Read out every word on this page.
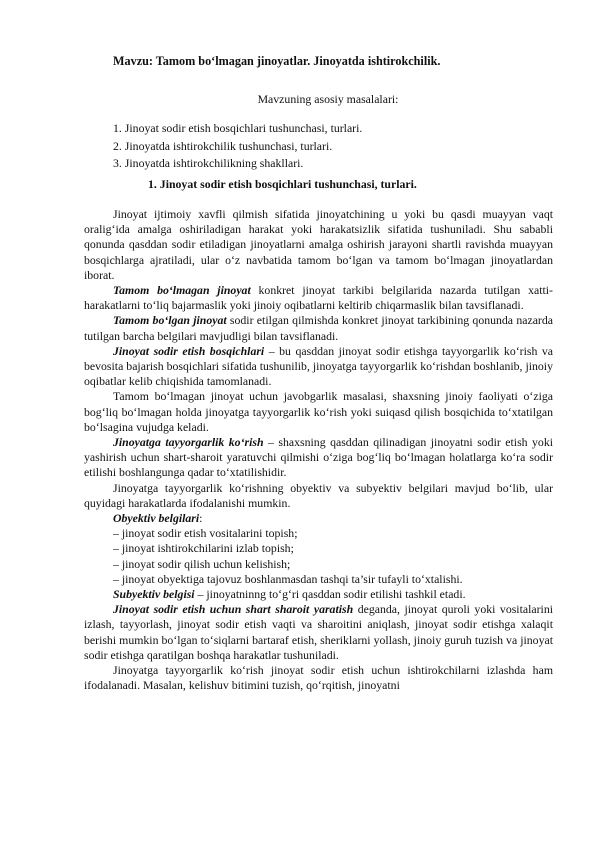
Mavzu: Tamom bo‘lmagan jinoyatlar. Jinoyatda ishtirokchilik.
Mavzuning asosiy masalalari:
1. Jinoyat sodir etish bosqichlari tushunchasi, turlari.
2. Jinoyatda ishtirokchilik tushunchasi, turlari.
3. Jinoyatda ishtirokchilikning shakllari.
1. Jinoyat sodir etish bosqichlari tushunchasi, turlari.

Jinoyat ijtimoiy xavfli qilmish sifatida jinoyatchining u yoki bu qasdi muayyan vaqt oralig‘ida amalga oshiriladigan harakat yoki harakatsizlik sifatida tushuniladi. Shu sababli qonunda qasddan sodir etiladigan jinoyatlarni amalga oshirish jarayoni shartli ravishda muayyan bosqichlarga ajratiladi, ular o‘z navbatida tamom bo‘lgan va tamom bo‘lmagan jinoyatlardan iborat.

Tamom bo‘lmagan jinoyat konkret jinoyat tarkibi belgilarida nazarda tutilgan xatti-harakatlarni to‘liq bajarmaslik yoki jinoiy oqibatlarni keltirib chiqarmaslik bilan tavsiflanadi.

Tamom bo‘lgan jinoyat sodir etilgan qilmishda konkret jinoyat tarkibining qonunda nazarda tutilgan barcha belgilari mavjudligi bilan tavsiflanadi.

Jinoyat sodir etish bosqichlari – bu qasddan jinoyat sodir etishga tayyorgarlik ko‘rish va bevosita bajarish bosqichlari sifatida tushunilib, jinoyatga tayyorgarlik ko‘rishdan boshlanib, jinoiy oqibatlar kelib chiqishida tamomlanadi.

Tamom bo‘lmagan jinoyat uchun javobgarlik masalasi, shaxsning jinoiy faoliyati o‘ziga bog‘liq bo‘lmagan holda jinoyatga tayyorgarlik ko‘rish yoki suiqasd qilish bosqichida to‘xtatilgan bo‘lsagina vujudga keladi.

Jinoyatga tayyorgarlik ko‘rish – shaxsning qasddan qilinadigan jinoyatni sodir etish yoki yashirish uchun shart-sharoit yaratuvchi qilmishi o‘ziga bog‘liq bo‘lmagan holatlarga ko‘ra sodir etilishi boshlangunga qadar to‘xtatilishidir.

Jinoyatga tayyorgarlik ko‘rishning obyektiv va subyektiv belgilari mavjud bo‘lib, ular quyidagi harakatlarda ifodalanishi mumkin.

Obyektiv belgilari:

– jinoyat sodir etish vositalarini topish;

– jinoyat ishtirokchilarini izlab topish;

– jinoyat sodir qilish uchun kelishish;

– jinoyat obyektiga tajovuz boshlanmasdan tashqi ta’sir tufayli to‘xtalishi.

Subyektiv belgisi – jinoyatninng to‘g‘ri qasddan sodir etilishi tashkil etadi.

Jinoyat sodir etish uchun shart sharoit yaratish deganda, jinoyat quroli yoki vositalarini izlash, tayyorlash, jinoyat sodir etish vaqti va sharoitini aniqlash, jinoyat sodir etishga xalaqit berishi mumkin bo‘lgan to‘siqlarni bartaraf etish, sheriklarni yollash, jinoiy guruh tuzish va jinoyat sodir etishga qaratilgan boshqa harakatlar tushuniladi.

Jinoyatga tayyorgarlik ko‘rish jinoyat sodir etish uchun ishtirokchilarni izlashda ham ifodalanadi. Masalan, kelishuv bitimini tuzish, qo‘rqitish, jinoyatni
